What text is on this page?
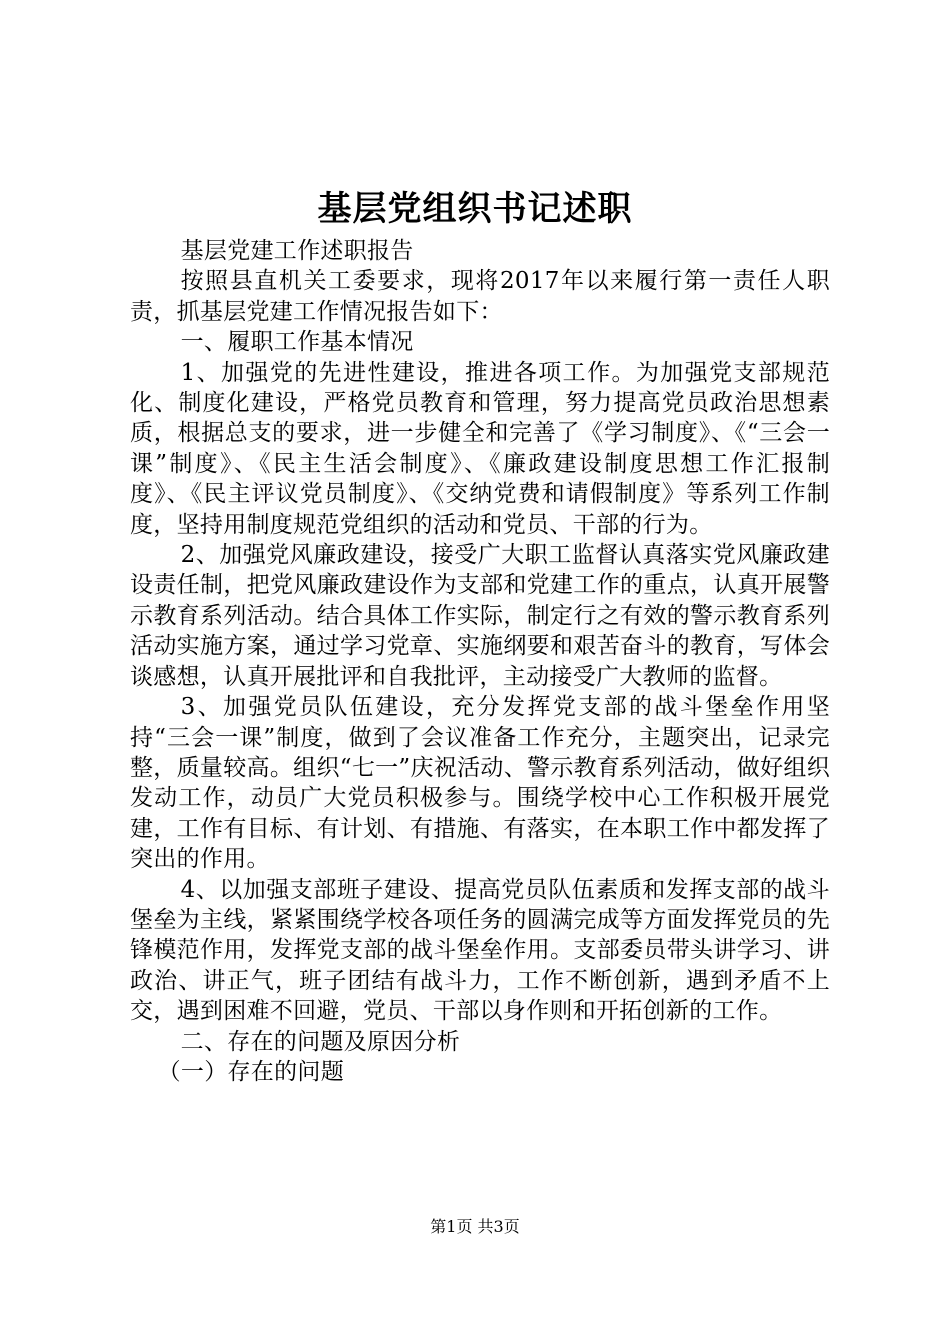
基层党组织书记述职

基层党建工作述职报告

按照县直机关工委要求，现将2017年以来履行第一责任人职责，抓基层党建工作情况报告如下：

一、履职工作基本情况

1、加强党的先进性建设，推进各项工作。为加强党支部规范化、制度化建设，严格党员教育和管理，努力提高党员政治思想素质，根据总支的要求，进一步健全和完善了《学习制度》、《“三会一课”制度》、《民主生活会制度》、《廉政建设制度思想工作汇报制度》、《民主评议党员制度》、《交纳党费和请假制度》等系列工作制度，坚持用制度规范党组织的活动和党员、干部的行为。

2、加强党风廉政建设，接受广大职工监督认真落实党风廉政建设责任制，把党风廉政建设作为支部和党建工作的重点，认真开展警示教育系列活动。结合具体工作实际，制定行之有效的警示教育系列活动实施方案，通过学习党章、实施纲要和艰苦奋斗的教育，写体会谈感想，认真开展批评和自我批评，主动接受广大教师的监督。

3、加强党员队伍建设，充分发挥党支部的战斗堡垒作用坚持“三会一课”制度，做到了会议准备工作充分，主题突出，记录完整，质量较高。组织“七一”庆祝活动、警示教育系列活动，做好组织发动工作，动员广大党员积极参与。围绕学校中心工作积极开展党建，工作有目标、有计划、有措施、有落实，在本职工作中都发挥了突出的作用。

4、以加强支部班子建设、提高党员队伍素质和发挥支部的战斗堡垒为主线，紧紧围绕学校各项任务的圆满完成等方面发挥党员的先锋模范作用，发挥党支部的战斗堡垒作用。支部委员带头讲学习、讲政治、讲正气，班子团结有战斗力，工作不断创新，遇到矛盾不上交，遇到困难不回避，党员、干部以身作则和开拓创新的工作。

二、存在的问题及原因分析

（一）存在的问题

第1页 共3页
